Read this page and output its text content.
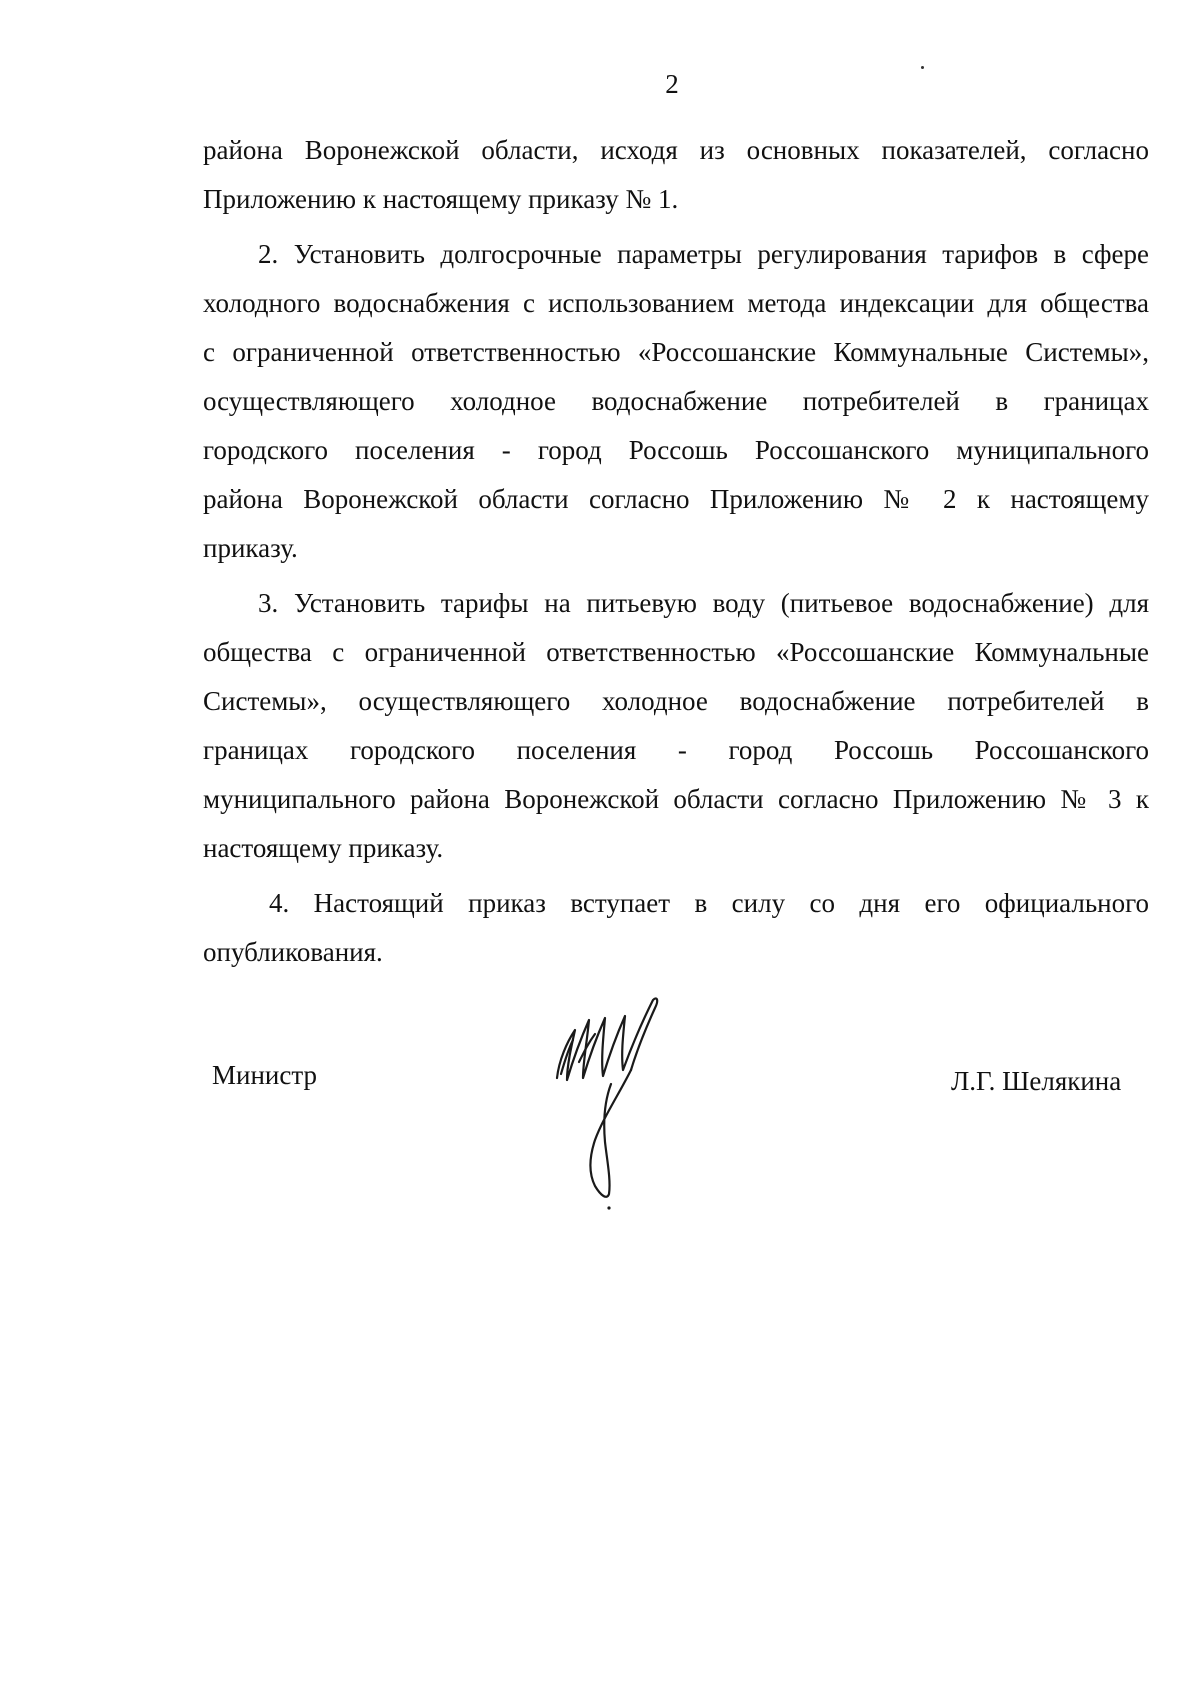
2

района Воронежской области, исходя из основных показателей, согласно
Приложению к настоящему приказу № 1.

2. Установить долгосрочные параметры регулирования тарифов в сфере
холодного водоснабжения с использованием метода индексации для общества
с ограниченной ответственностью «Россошанские Коммунальные Системы»,
осуществляющего холодное водоснабжение потребителей в границах
городского поселения - город Россошь Россошанского муниципального
района Воронежской области согласно Приложению № 2 к настоящему
приказу.

3. Установить тарифы на питьевую воду (питьевое водоснабжение) для
общества с ограниченной ответственностью «Россошанские Коммунальные
Системы», осуществляющего холодное водоснабжение потребителей в
границах городского поселения - город Россошь Россошанского
муниципального района Воронежской области согласно Приложению № 3 к
настоящему приказу.

4. Настоящий приказ вступает в силу со дня его официального
опубликования.

Министр	Л.Г. Шелякина
